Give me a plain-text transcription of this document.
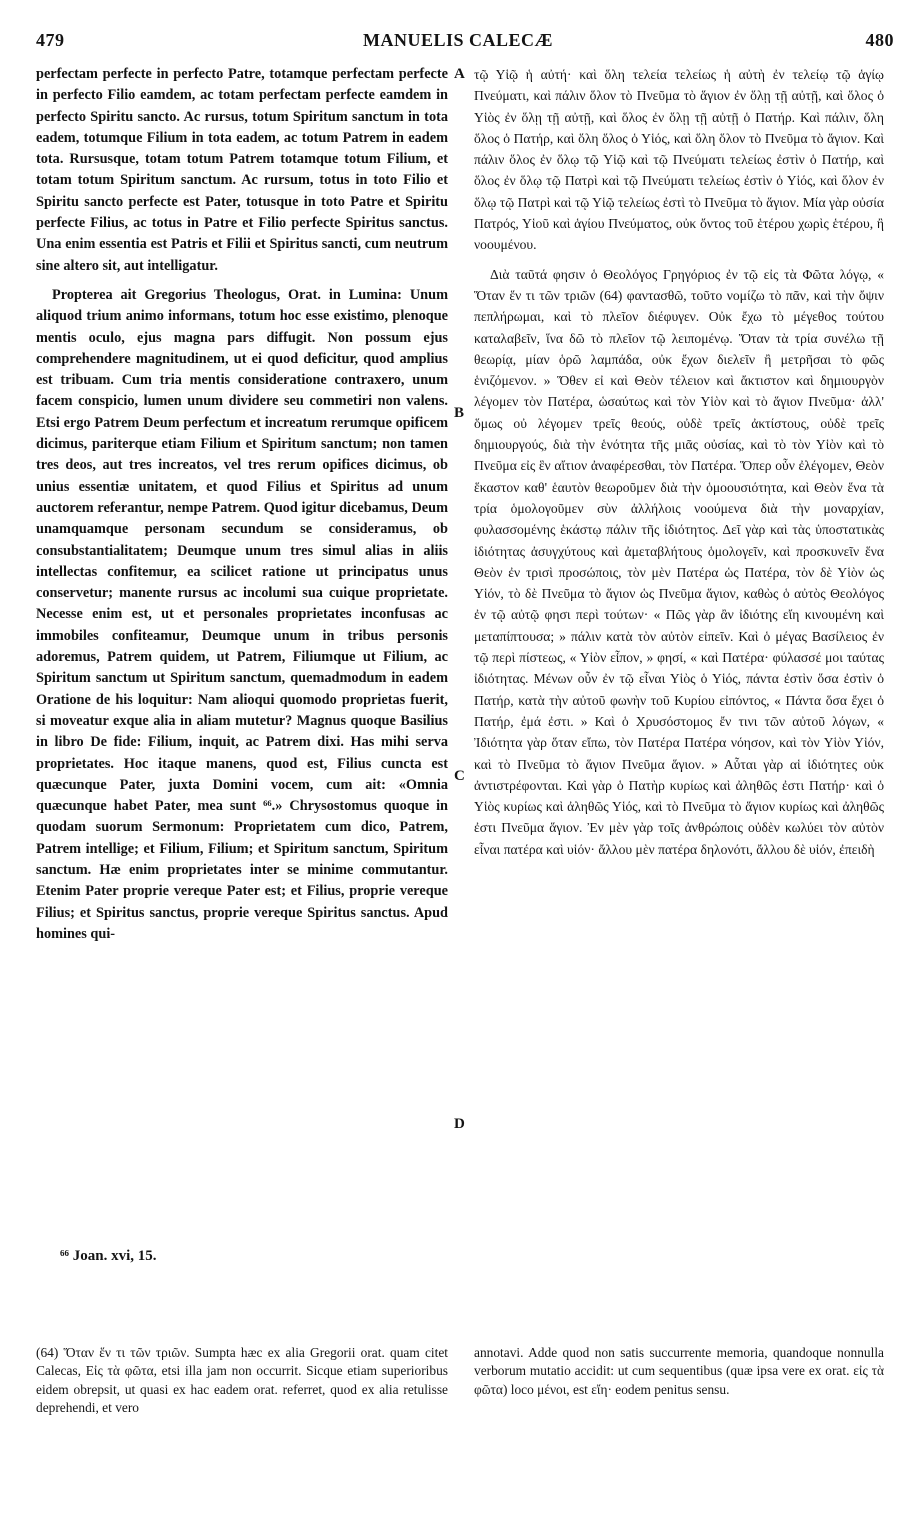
479	MANUELIS CALECÆ	480

perfectam perfecte in perfecto Patre, totamque perfectam perfecte in perfecto Filio eamdem, ac totam perfectam perfecte eamdem in perfecto Spiritu sancto. Ac rursus, totum Spiritum sanctum in tota eadem, totumque Filium in tota eadem, ac totum Patrem in eadem tota. Rursusque, totam totum Patrem totamque totum Filium, et totam totum Spiritum sanctum. Ac rursum, totus in toto Filio et Spiritu sancto perfecte est Pater, totusque in toto Patre et Spiritu perfecte Filius, ac totus in Patre et Filio perfecte Spiritus sanctus. Una enim essentia est Patris et Filii et Spiritus sancti, cum neutrum sine altero sit, aut intelligatur.

Propterea ait Gregorius Theologus, Orat. in Lumina: Unum aliquod trium animo informans, totum hoc esse existimo, plenoque mentis oculo, ejus magna pars diffugit. Non possum ejus comprehendere magnitudinem, ut ei quod deficitur, quod amplius est tribuam. Cum tria mentis consideratione contraxero, unum facem conspicio, lumen unum dividere seu commetiri non valens. Etsi ergo Patrem Deum perfectum et increatum rerumque opificem dicimus, pariterque etiam Filium et Spiritum sanctum; non tamen tres deos, aut tres increatos, vel tres rerum opifices dicimus, ob unius essentiæ unitatem, et quod Filius et Spiritus ad unum auctorem referantur, nempe Patrem. Quod igitur dicebamus, Deum unamquamque personam secundum se consideramus, ob consubstantialitatem; Deumque unum tres simul alias in aliis intellectas confitemur, ea scilicet ratione ut principatus unus conservetur; manente rursus ac incolumi sua cuique proprietate. Necesse enim est, ut et personales proprietates inconfusas ac immobiles confiteamur, Deumque unum in tribus personis adoremus, Patrem quidem, ut Patrem, Filiumque ut Filium, ac Spiritum sanctum ut Spiritum sanctum, quemadmodum in eadem Oratione de his loquitur: Nam alioqui quomodo proprietas fuerit, si moveatur exque alia in aliam mutetur? Magnus quoque Basilius in libro De fide: Filium, inquit, ac Patrem dixi. Has mihi serva proprietates. Hoc itaque manens, quod est, Filius cuncta est quæcunque Pater, juxta Domini vocem, cum ait: «Omnia quæcunque habet Pater, mea sunt ⁶⁶.» Chrysostomus quoque in quodam suorum Sermonum: Proprietatem cum dico, Patrem, Patrem intellige; et Filium, Filium; et Spiritum sanctum, Spiritum sanctum. Hæ enim proprietates inter se minime commutantur. Etenim Pater proprie vereque Pater est; et Filius, proprie vereque Filius; et Spiritus sanctus, proprie vereque Spiritus sanctus. Apud homines qui-

A
B
C
D

τῷ Υἱῷ ἡ αὐτή· καὶ ὅλη τελεία τελείως ἡ αὐτὴ ἐν τελείῳ τῷ ἁγίῳ Πνεύματι, καὶ πάλιν ὅλον τὸ Πνεῦμα τὸ ἅγιον ἐν ὅλῃ τῇ αὐτῇ, καὶ ὅλος ὁ Υἱὸς ἐν ὅλῃ τῇ αὐτῇ, καὶ ὅλος ἐν ὅλῃ τῇ αὐτῇ ὁ Πατήρ. Καὶ πάλιν, ὅλη ὅλος ὁ Πατήρ, καὶ ὅλη ὅλος ὁ Υἱός, καὶ ὅλη ὅλον τὸ Πνεῦμα τὸ ἅγιον. Καὶ πάλιν ὅλος ἐν ὅλῳ τῷ Υἱῷ καὶ τῷ Πνεύματι τελείως ἐστὶν ὁ Πατήρ, καὶ ὅλος ἐν ὅλῳ τῷ Πατρὶ καὶ τῷ Πνεύματι τελείως ἐστὶν ὁ Υἱός, καὶ ὅλον ἐν ὅλῳ τῷ Πατρὶ καὶ τῷ Υἱῷ τελείως ἐστὶ τὸ Πνεῦμα τὸ ἅγιον. Μία γὰρ οὐσία Πατρός, Υἱοῦ καὶ ἁγίου Πνεύματος, οὐκ ὄντος τοῦ ἑτέρου χωρὶς ἑτέρου, ἢ νοουμένου.

Διὰ ταῦτά φησιν ὁ Θεολόγος Γρηγόριος ἐν τῷ εἰς τὰ Φῶτα λόγῳ, « Ὅταν ἕν τι τῶν τριῶν (64) φαντασθῶ, τοῦτο νομίζω τὸ πᾶν, καὶ τὴν ὄψιν πεπλήρωμαι, καὶ τὸ πλεῖον διέφυγεν. Οὐκ ἔχω τὸ μέγεθος τούτου καταλαβεῖν, ἵνα δῶ τὸ πλεῖον τῷ λειπομένῳ. Ὅταν τὰ τρία συνέλω τῇ θεωρίᾳ, μίαν ὁρῶ λαμπάδα, οὐκ ἔχων διελεῖν ἢ μετρῆσαι τὸ φῶς ἑνιζόμενον. » Ὅθεν εἰ καὶ Θεὸν τέλειον καὶ ἄκτιστον καὶ δημιουργὸν λέγομεν τὸν Πατέρα, ὡσαύτως καὶ τὸν Υἱὸν καὶ τὸ ἅγιον Πνεῦμα· ἀλλ' ὅμως οὐ λέγομεν τρεῖς θεούς, οὐδὲ τρεῖς ἀκτίστους, οὐδὲ τρεῖς δημιουργούς, διὰ τὴν ἑνότητα τῆς μιᾶς οὐσίας, καὶ τὸ τὸν Υἱὸν καὶ τὸ Πνεῦμα εἰς ἓν αἴτιον ἀναφέρεσθαι, τὸν Πατέρα. Ὅπερ οὖν ἐλέγομεν, Θεὸν ἕκαστον καθ' ἑαυτὸν θεωροῦμεν διὰ τὴν ὁμοουσιότητα, καὶ Θεὸν ἕνα τὰ τρία ὁμολογοῦμεν σὺν ἀλλήλοις νοούμενα διὰ τὴν μοναρχίαν, φυλασσομένης ἑκάστῳ πάλιν τῆς ἰδιότητος. Δεῖ γὰρ καὶ τὰς ὑποστατικὰς ἰδιότητας ἀσυγχύτους καὶ ἀμεταβλήτους ὁμολογεῖν, καὶ προσκυνεῖν ἕνα Θεὸν ἐν τρισὶ προσώποις, τὸν μὲν Πατέρα ὡς Πατέρα, τὸν δὲ Υἱὸν ὡς Υἱόν, τὸ δὲ Πνεῦμα τὸ ἅγιον ὡς Πνεῦμα ἅγιον, καθὼς ὁ αὐτὸς Θεολόγος ἐν τῷ αὐτῷ φησι περὶ τούτων· « Πῶς γὰρ ἂν ἰδιότης εἴη κινουμένη καὶ μεταπίπτουσα; » πάλιν κατὰ τὸν αὐτὸν εἰπεῖν. Καὶ ὁ μέγας Βασίλειος ἐν τῷ περὶ πίστεως, « Υἱὸν εἶπον, » φησί, « καὶ Πατέρα· φύλασσέ μοι ταύτας ἰδιότητας. Μένων οὖν ἐν τῷ εἶναι Υἱὸς ὁ Υἱός, πάντα ἐστὶν ὅσα ἐστὶν ὁ Πατήρ, κατὰ τὴν αὐτοῦ φωνὴν τοῦ Κυρίου εἰπόντος, « Πάντα ὅσα ἔχει ὁ Πατήρ, ἐμά ἐστι. » Καὶ ὁ Χρυσόστομος ἔν τινι τῶν αὐτοῦ λόγων, « Ἰδιότητα γὰρ ὅταν εἴπω, τὸν Πατέρα Πατέρα νόησον, καὶ τὸν Υἱὸν Υἱόν, καὶ τὸ Πνεῦμα τὸ ἅγιον Πνεῦμα ἅγιον. » Αὗται γὰρ αἱ ἰδιότητες οὐκ ἀντιστρέφονται. Καὶ γὰρ ὁ Πατὴρ κυρίως καὶ ἀληθῶς ἐστι Πατήρ· καὶ ὁ Υἱὸς κυρίως καὶ ἀληθῶς Υἱός, καὶ τὸ Πνεῦμα τὸ ἅγιον κυρίως καὶ ἀληθῶς ἐστι Πνεῦμα ἅγιον. Ἐν μὲν γὰρ τοῖς ἀνθρώποις οὐδὲν κωλύει τὸν αὐτὸν εἶναι πατέρα καὶ υἱόν· ἄλλου μὲν πατέρα δηλονότι, ἄλλου δὲ υἱόν, ἐπειδὴ

⁶⁶ Joan. xvi, 15.
(64) Ὅταν ἕν τι τῶν τριῶν. Sumpta hæc ex alia Gregorii orat. quam citet Calecas, Εἰς τὰ φῶτα, etsi illa jam non occurrit. Sicque etiam superioribus eidem obrepsit, ut quasi ex hac eadem orat. referret, quod ex alia retulisse deprehendi, et vero
annotavi. Adde quod non satis succurrente memoria, quandoque nonnulla verborum mutatio accidit: ut cum sequentibus (quæ ipsa vere ex orat. εἰς τὰ φῶτα) loco μένοι, est εἴη· eodem penitus sensu.
